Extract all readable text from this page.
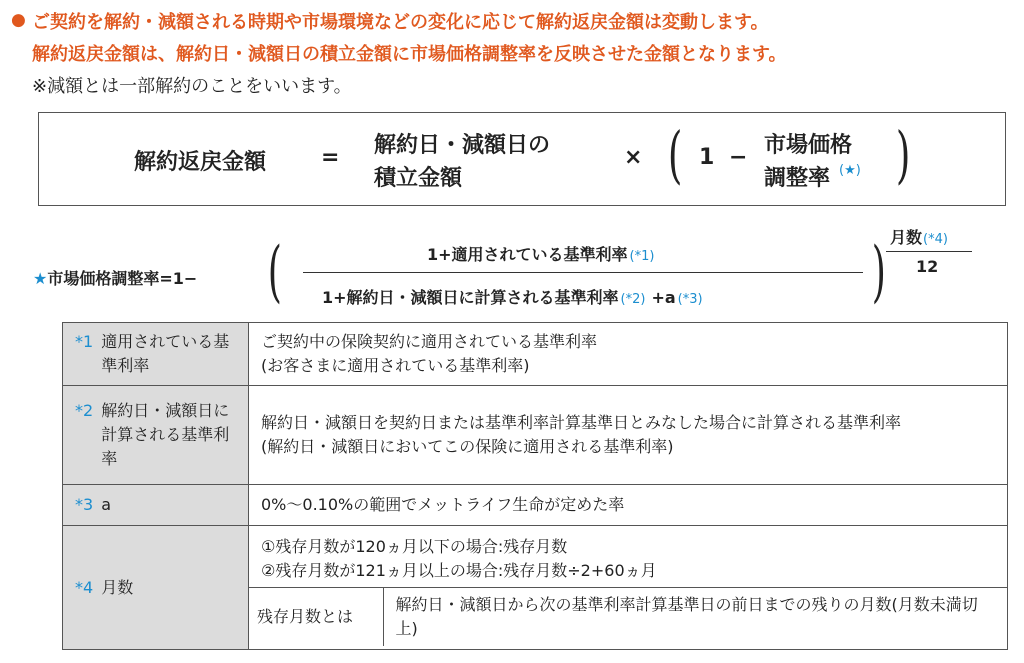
● ご契約を解約・減額される時期や市場環境などの変化に応じて解約返戻金額は変動します。
解約返戻金額は、解約日・減額日の積立金額に市場価格調整率を反映させた金額となります。
※減額とは一部解約のことをいいます。
解約返戻金額 = 解約日・減額日の
積立金額
× ( 1 − 市場価格
調整率 (★) )
★市場価格調整率=1− (	1+適用されている基準利率 (*1)
1+解約日・減額日に計算される基準利率 (*2) +a (*3)	) 月数(*4)
12
*1 適用されている基準利率

ご契約中の保険契約に適用されている基準利率
(お客さまに適用されている基準利率)

*2 解約日・減額日に計算される基準利率

解約日・減額日を契約日または基準利率計算基準日とみなした場合に計算される基準利率
(解約日・減額日においてこの保険に適用される基準利率)

*3 a	0%〜0.10%の範囲でメットライフ生命が定めた率

*4 月数

①残存月数が120ヵ月以下の場合:残存月数
②残存月数が121ヵ月以上の場合:残存月数÷2+60ヵ月
残存月数とは	解約日・減額日から次の基準利率計算基準日の前日までの残りの月数(月数未満切上)
